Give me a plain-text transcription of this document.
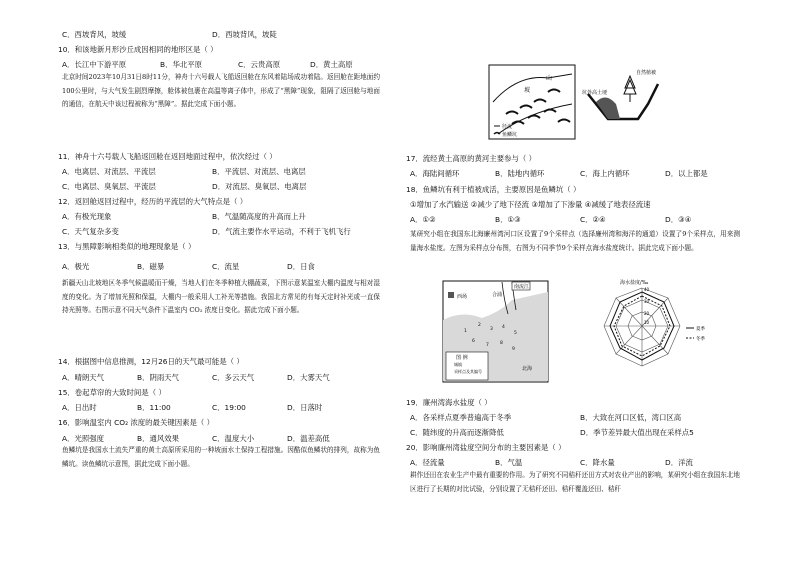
C．西坡背风，坡缓	D．西坡背风，坡陡
10．和该地新月形沙丘成因相同的地形区是（ ）
A．长江中下游平原	B．华北平原	C．云贵高原	D．黄土高原
北京时间2023年10月31日8时11分，神舟十六号载人飞船返回舱在东风着陆场成功着陆。返回舱在距地面约100公里时，与大气发生剧烈摩擦，舱体被包裹在高温等离子体中，形成了“黑障”现象，阻隔了返回舱与地面的通信，在航天中该过程被称为“黑障”。据此完成下面小题。
11．神舟十六号载人飞船返回舱在返回地面过程中，依次经过（ ）
A．电离层、对流层、平流层	B．平流层、对流层、电离层
C．电离层、臭氧层、平流层	D．对流层、臭氧层、电离层
12．返回舱返回过程中，经历的平流层的大气特点是（ ）
A．有极光现象	B．气温随高度的升高而上升
C．天气复杂多变	D．气流主要作水平运动，不利于飞机飞行
13．与黑障影响相类似的地理现象是（ ）
A．极光	B．磁暴	C．流星	D．日食
新疆天山北坡地区冬季气候温暖而干燥，当地人们在冬季种植大棚蔬菜，下图示意某温室大棚内温度与相对湿度的变化。为了增加光照和保温，大棚内一般采用人工补光等措施。我国北方常见的有每天定时补光或一直保持光照等。右图示意不同天气条件下温室内 CO₂ 浓度日变化。据此完成下面小题。
14．根据图中信息推测，12月26日的天气最可能是（ ）
A．晴朗天气	B．阴雨天气	C．多云天气	D．大雾天气
15．卷起草帘的大致时间是（ ）
A．日出时	B．11:00	C．19:00	D．日落时
16．影响温室内 CO₂ 浓度的最关键因素是（ ）
A．光照强度	B．通风效果	C．温度大小	D．温差高低
鱼鳞坑是我国水土流失严重的黄土高原所采用的一种坡面水土保持工程措施。因酷似鱼鳞状的排列，故称为鱼鳞坑。读鱼鳞坑示意图，据此完成下面小题。
坡
山
径流
鱼鳞坑
自然植被
坑外高土埂
17．流经黄土高原的黄河主要参与（ ）
A．海陆间循环	B．陆地内循环	C．海上内循环	D．以上都是
18．鱼鳞坑有利于植被成活，主要原因是鱼鳞坑（ ）
①增加了水汽输送 ②减少了地下径流 ③增加了下渗量 ④减缓了地表径流速
A．①②	B．①③	C．②④	D．③④
某研究小组在我国东北海廉州湾河口区设置了9个采样点（选择廉州湾和海洋的通道）设置了9个采样点，用来测量海水盐度。左图为采样点分布图，右图为不同季节9个采样点海水盐度统计。据此完成下面小题。
南流江
西场	合浦
1
2
3 4
5
6
7 8
9
图 例
城镇
采样点及其编号	北海
海水盐度/‰
夏季
冬季
40
30
20
10
19．廉州湾海水盐度（ ）
A．各采样点夏季普遍高于冬季	B．大致在河口区低，湾口区高
C．随纬度的升高而逐渐降低	D．季节差异最大值出现在采样点5
20．影响廉州湾盐度空间分布的主要因素是（ ）
A．径流量	B．气温	C．降水量	D．洋流
耕作还田在农业生产中最有重要的作用。为了研究不同秸秆还田方式对农业产出的影响，某研究小组在我国东北地区进行了长期的对比试验，分别设置了无秸秆还田、秸秆覆盖还田、秸秆
